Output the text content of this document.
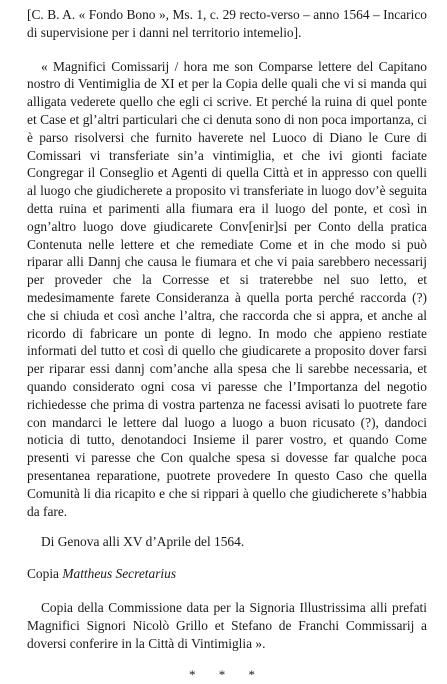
[C. B. A. « Fondo Bono », Ms. 1, c. 29 recto-verso – anno 1564 – Incarico di supervisione per i danni nel territorio intemelio].

« Magnifici Comissarij / hora me son Comparse lettere del Capitano nostro di Ventimiglia de XI et per la Copia delle quali che vi si manda qui alligata vederete quello che egli ci scrive. Et perché la ruina di quel ponte et Case et gl’altri particulari che ci denuta sono di non poca importanza, ci è parso risolversi che furnito haverete nel Luoco di Diano le Cure di Comissari vi transferiate sin’a vintimiglia, et che ivi gionti faciate Congregar il Conseglio et Agenti di quella Città et in appresso con quelli al luogo che giudicherete a proposito vi transferiate in luogo dov’è seguita detta ruina et parimenti alla fiumara era il luogo del ponte, et così in ogn’altro luogo dove giudicarete Conv[enir]si per Conto della pratica Contenuta nelle lettere et che remediate Come et in che modo si può riparar alli Dannj che causa le fiumara et che vi paia sarebbero necessarij per proveder che la Corresse et si traterebbe nel suo letto, et medesimamente farete Consideranza à quella porta perché raccorda (?) che si chiuda et così anche l’altra, che raccorda che si appra, et anche al ricordo di fabricare un ponte di legno. In modo che appieno restiate informati del tutto et così di quello che giudicarete a proposito dover farsi per riparar essi dannj com’anche alla spesa che li sarebbe necessaria, et quando considerato ogni cosa vi paresse che l’Importanza del negotio richiedesse che prima di vostra partenza ne facessi avisati lo puotrete fare con mandarci le lettere dal luogo a luogo a buon ricusato (?), dandoci noticia di tutto, denotandoci Insieme il parer vostro, et quando Come presenti vi paresse che Con qualche spesa si dovesse far qualche poca presentanea reparatione, puotrete provedere In questo Caso che quella Comunità li dia ricapito e che si rippari à quello che giudicherete s’habbia da fare.

Di Genova alli XV d’Aprile del 1564.

Copia Mattheus Secretarius

Copia della Commissione data per la Signoria Illustrissima alli prefati Magnifici Signori Nicolò Grillo et Stefano de Franchi Commissarij a doversi conferire in la Città di Vintimiglia ».

* * *
